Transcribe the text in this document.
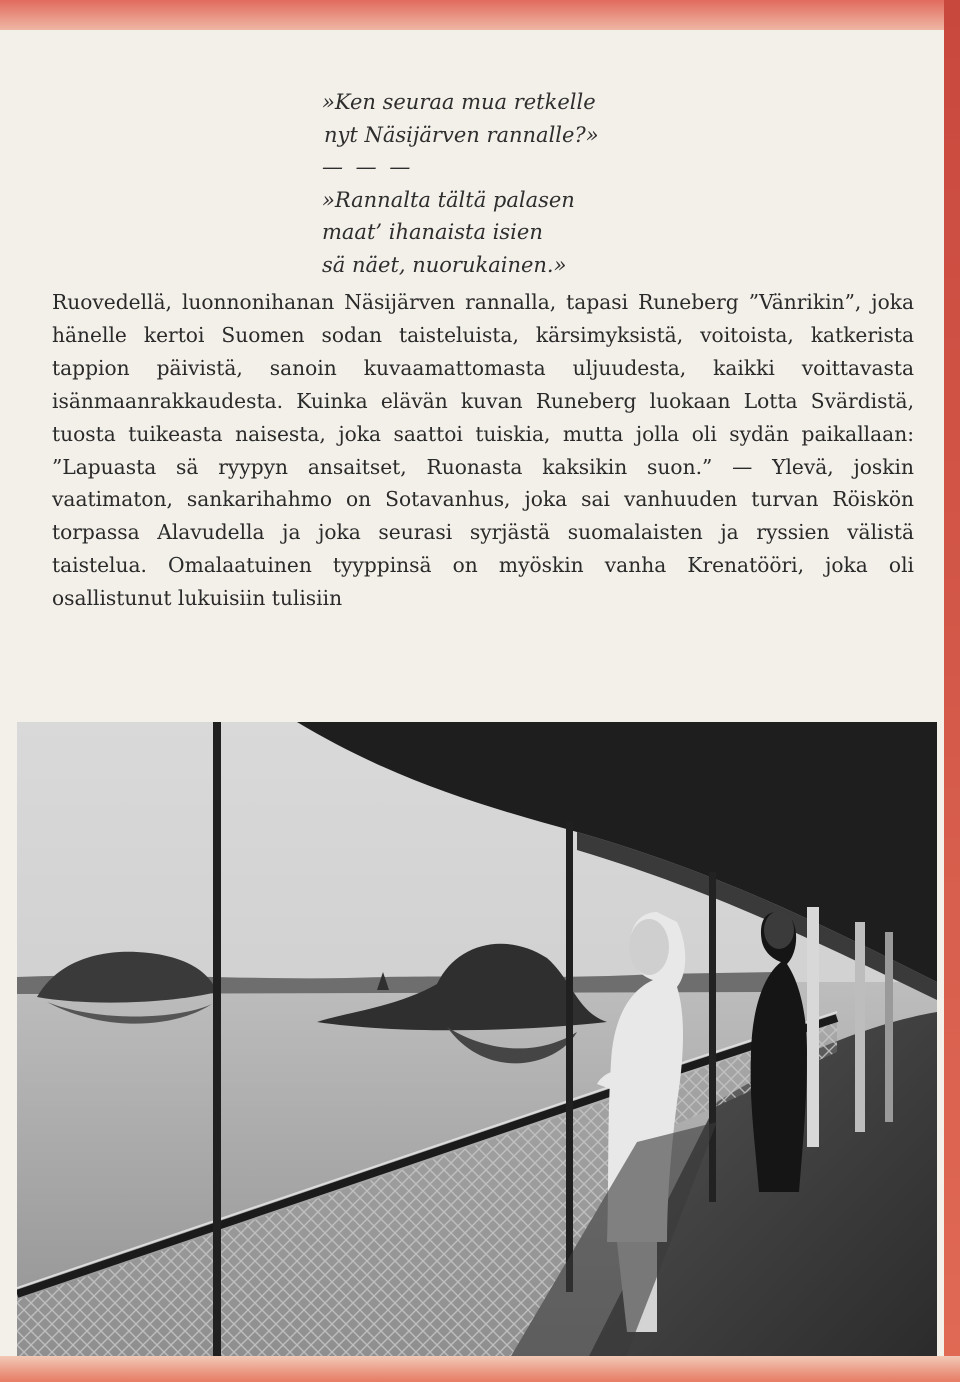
»Ken seuraa mua retkelle

nyt Näsijärven rannalle?»

— — —

»Rannalta tältä palasen

maat’ ihanaista isien

sä näet, nuorukainen.»

Ruovedellä, luonnonihanan Näsijärven rannalla, tapasi Runeberg ”Vänrikin”, joka hänelle kertoi Suomen sodan taisteluista, kärsimyksistä, voitoista, katkerista tappion päivistä, sanoin kuvaamattomasta uljuudesta, kaikki voittavasta isänmaanrakkaudesta. Kuinka elävän kuvan Runeberg luokaan Lotta Svärdistä, tuosta tuikeasta naisesta, joka saattoi tuiskia, mutta jolla oli sydän paikallaan: ”Lapuasta sä ryypyn ansaitset, Ruonasta kaksikin suon.” — Ylevä, joskin vaatimaton, sankarihahmo on Sotavanhus, joka sai vanhuuden turvan Röiskön torpassa Alavudella ja joka seurasi syrjästä suomalaisten ja ryssien välistä taistelua. Omalaatuinen tyyppinsä on myöskin vanha Krenatööri, joka oli osallistunut lukuisiin tulisiin
